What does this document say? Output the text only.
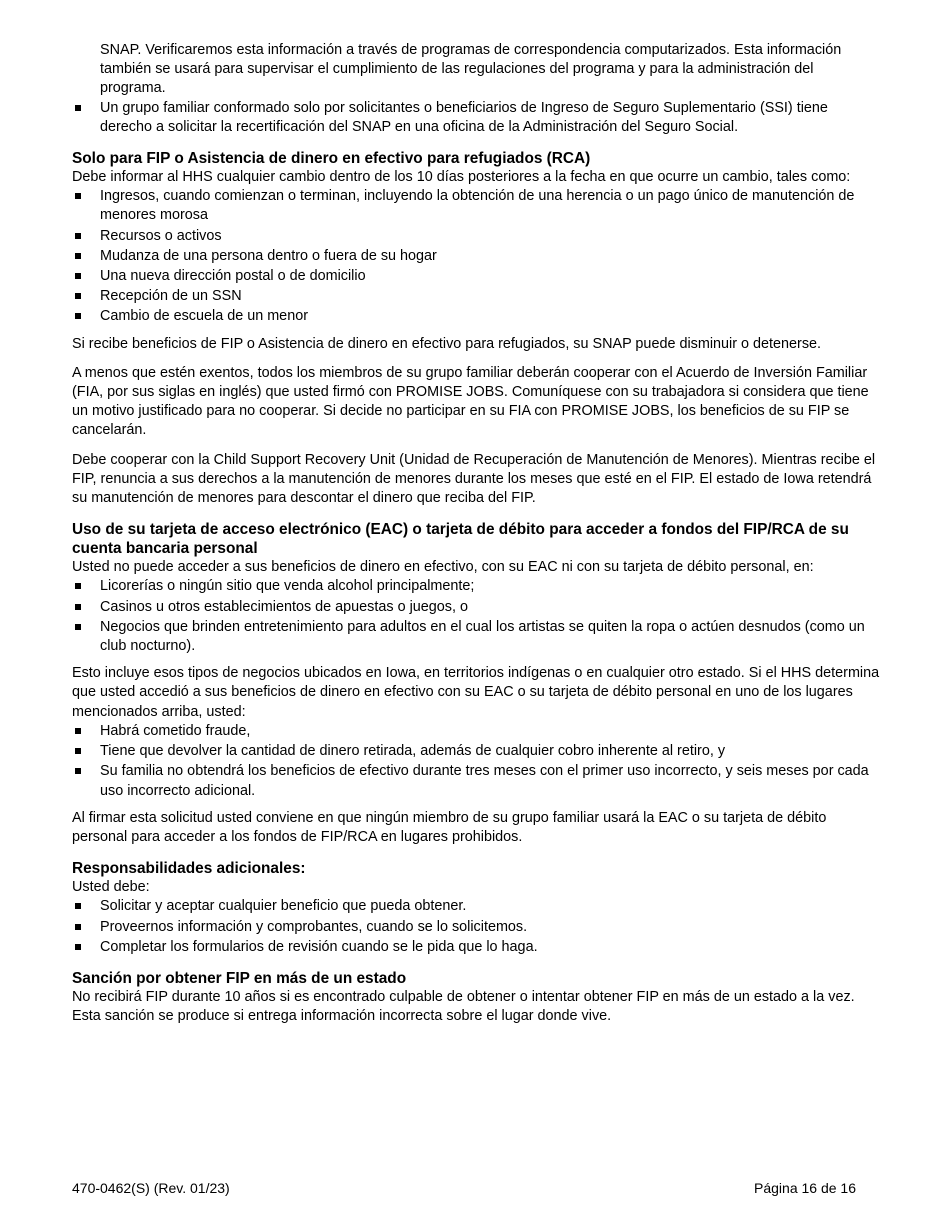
SNAP. Verificaremos esta información a través de programas de correspondencia computarizados. Esta información también se usará para supervisar el cumplimiento de las regulaciones del programa y para la administración del programa.

Un grupo familiar conformado solo por solicitantes o beneficiarios de Ingreso de Seguro Suplementario (SSI) tiene derecho a solicitar la recertificación del SNAP en una oficina de la Administración del Seguro Social.
Solo para FIP o Asistencia de dinero en efectivo para refugiados (RCA)

Debe informar al HHS cualquier cambio dentro de los 10 días posteriores a la fecha en que ocurre un cambio, tales como:

Ingresos, cuando comienzan o terminan, incluyendo la obtención de una herencia o un pago único de manutención de menores morosa
Recursos o activos
Mudanza de una persona dentro o fuera de su hogar
Una nueva dirección postal o de domicilio
Recepción de un SSN
Cambio de escuela de un menor

Si recibe beneficios de FIP o Asistencia de dinero en efectivo para refugiados, su SNAP puede disminuir o detenerse.

A menos que estén exentos, todos los miembros de su grupo familiar deberán cooperar con el Acuerdo de Inversión Familiar (FIA, por sus siglas en inglés) que usted firmó con PROMISE JOBS. Comuníquese con su trabajadora si considera que tiene un motivo justificado para no cooperar. Si decide no participar en su FIA con PROMISE JOBS, los beneficios de su FIP se cancelarán.

Debe cooperar con la Child Support Recovery Unit (Unidad de Recuperación de Manutención de Menores). Mientras recibe el FIP, renuncia a sus derechos a la manutención de menores durante los meses que esté en el FIP. El estado de Iowa retendrá su manutención de menores para descontar el dinero que reciba del FIP.

Uso de su tarjeta de acceso electrónico (EAC) o tarjeta de débito para acceder a fondos del FIP/RCA de su cuenta bancaria personal

Usted no puede acceder a sus beneficios de dinero en efectivo, con su EAC ni con su tarjeta de débito personal, en:

Licorerías o ningún sitio que venda alcohol principalmente;
Casinos u otros establecimientos de apuestas o juegos, o
Negocios que brinden entretenimiento para adultos en el cual los artistas se quiten la ropa o actúen desnudos (como un club nocturno).

Esto incluye esos tipos de negocios ubicados en Iowa, en territorios indígenas o en cualquier otro estado. Si el HHS determina que usted accedió a sus beneficios de dinero en efectivo con su EAC o su tarjeta de débito personal en uno de los lugares mencionados arriba, usted:

Habrá cometido fraude,
Tiene que devolver la cantidad de dinero retirada, además de cualquier cobro inherente al retiro, y
Su familia no obtendrá los beneficios de efectivo durante tres meses con el primer uso incorrecto, y seis meses por cada uso incorrecto adicional.

Al firmar esta solicitud usted conviene en que ningún miembro de su grupo familiar usará la EAC o su tarjeta de débito personal para acceder a los fondos de FIP/RCA en lugares prohibidos.

Responsabilidades adicionales:

Usted debe:

Solicitar y aceptar cualquier beneficio que pueda obtener.
Proveernos información y comprobantes, cuando se lo solicitemos.
Completar los formularios de revisión cuando se le pida que lo haga.
Sanción por obtener FIP en más de un estado

No recibirá FIP durante 10 años si es encontrado culpable de obtener o intentar obtener FIP en más de un estado a la vez. Esta sanción se produce si entrega información incorrecta sobre el lugar donde vive.

470-0462(S) (Rev. 01/23)	Página 16 de 16
